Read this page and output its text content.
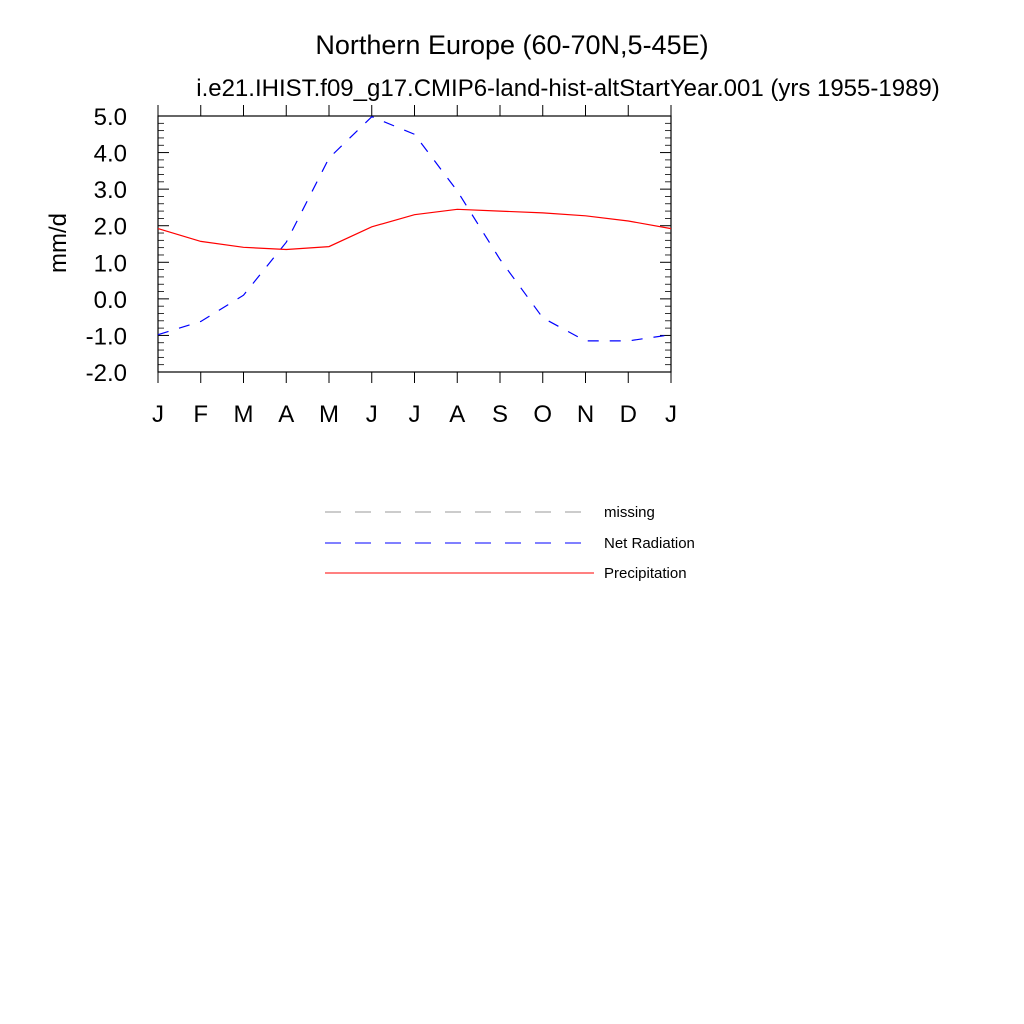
Northern Europe (60-70N,5-45E)
i.e21.IHIST.f09_g17.CMIP6-land-hist-altStartYear.001 (yrs 1955-1989)
mm/d
-2.0
-1.0
0.0
1.0
2.0
3.0
4.0
5.0
J F M A M J J A S O N D J
missing
Net Radiation
Precipitation
